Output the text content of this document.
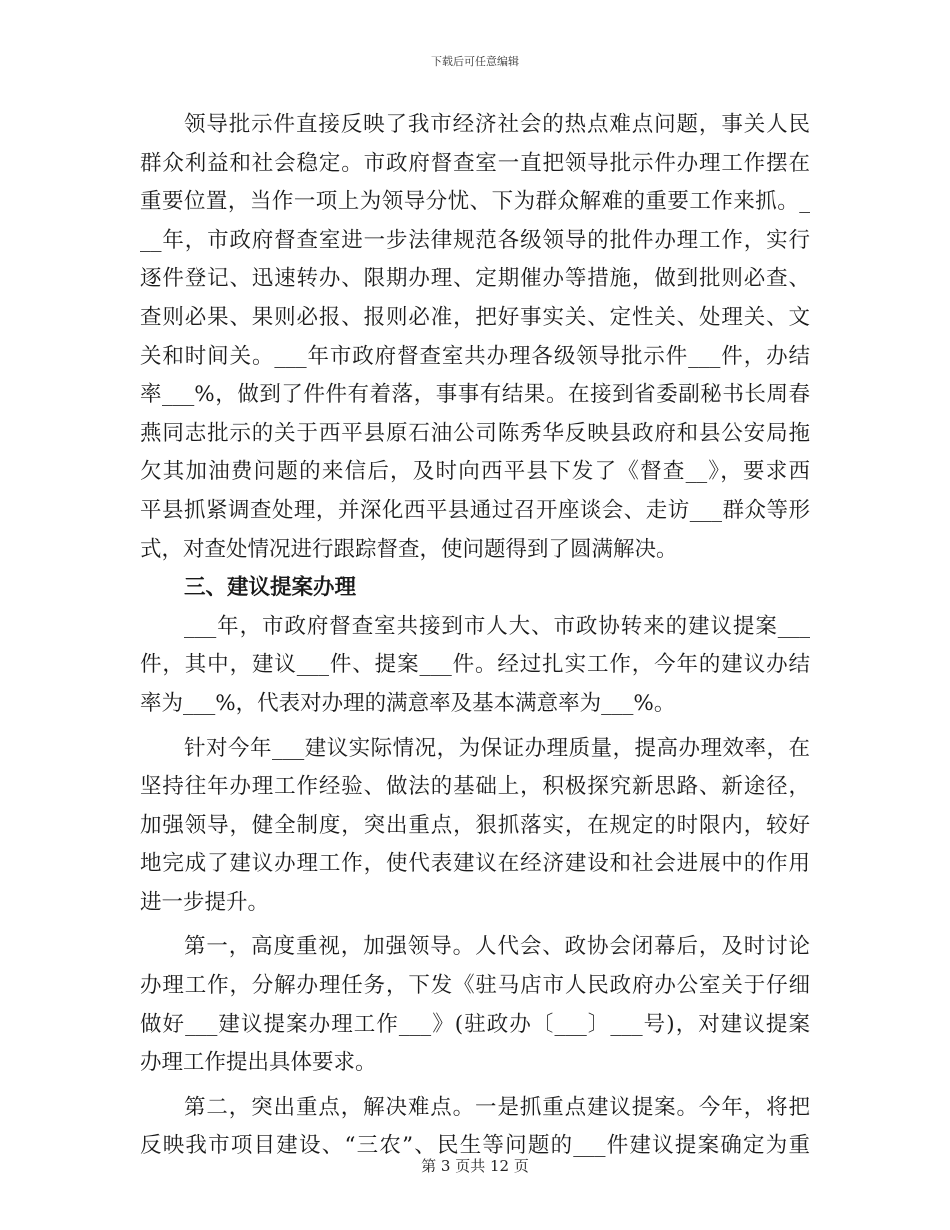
下载后可任意编辑
领导批示件直接反映了我市经济社会的热点难点问题，事关人民
群众利益和社会稳定。市政府督查室一直把领导批示件办理工作摆在
重要位置，当作一项上为领导分忧、下为群众解难的重要工作来抓。_
__年，市政府督查室进一步法律规范各级领导的批件办理工作，实行
逐件登记、迅速转办、限期办理、定期催办等措施，做到批则必查、
查则必果、果则必报、报则必准，把好事实关、定性关、处理关、文
关和时间关。___年市政府督查室共办理各级领导批示件___件，办结
率___%，做到了件件有着落，事事有结果。在接到省委副秘书长周春
燕同志批示的关于西平县原石油公司陈秀华反映县政府和县公安局拖
欠其加油费问题的来信后，及时向西平县下发了《督查__》，要求西
平县抓紧调查处理，并深化西平县通过召开座谈会、走访___群众等形
式，对查处情况进行跟踪督查，使问题得到了圆满解决。
三、建议提案办理
___年，市政府督查室共接到市人大、市政协转来的建议提案___
件，其中，建议___件、提案___件。经过扎实工作，今年的建议办结
率为___%，代表对办理的满意率及基本满意率为___%。
针对今年___建议实际情况，为保证办理质量，提高办理效率，在
坚持往年办理工作经验、做法的基础上，积极探究新思路、新途径，
加强领导，健全制度，突出重点，狠抓落实，在规定的时限内，较好
地完成了建议办理工作，使代表建议在经济建设和社会进展中的作用
进一步提升。
第一，高度重视，加强领导。人代会、政协会闭幕后，及时讨论
办理工作，分解办理任务，下发《驻马店市人民政府办公室关于仔细
做好___建议提案办理工作___》(驻政办〔___〕___号)，对建议提案
办理工作提出具体要求。
第二，突出重点，解决难点。一是抓重点建议提案。今年，将把
反映我市项目建设、“三农”、民生等问题的___件建议提案确定为重
第 3 页共 12 页
